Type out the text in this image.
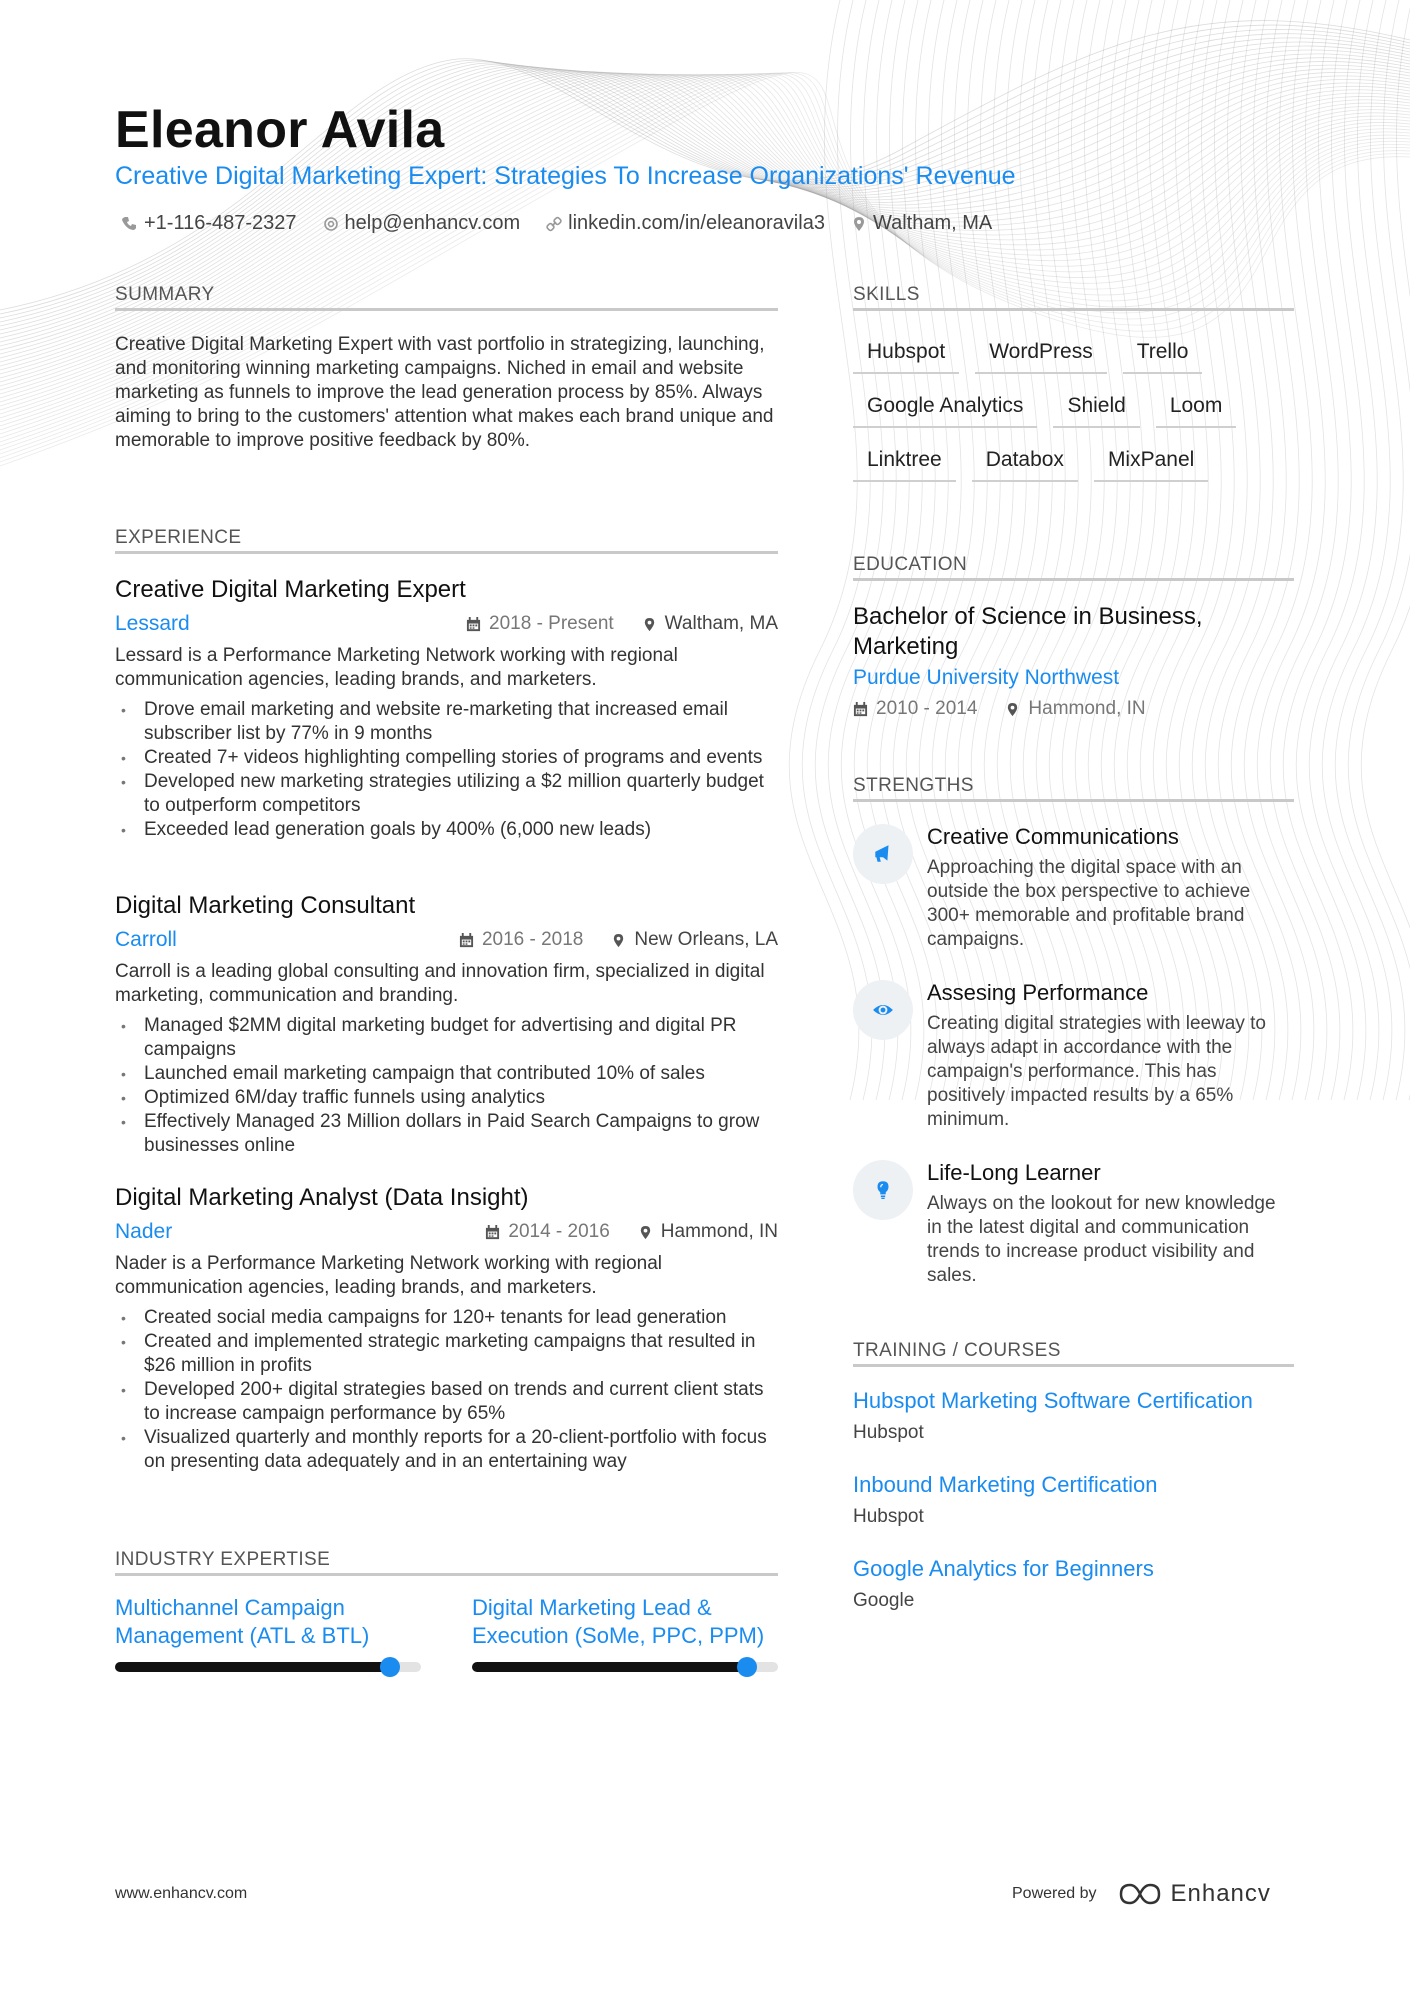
Eleanor Avila
Creative Digital Marketing Expert: Strategies To Increase Organizations' Revenue
+1-116-487-2327 help@enhancv.com linkedin.com/in/eleanoravila3 Waltham, MA
SUMMARY
Creative Digital Marketing Expert with vast portfolio in strategizing, launching, and monitoring winning marketing campaigns. Niched in email and website marketing as funnels to improve the lead generation process by 85%. Always aiming to bring to the customers' attention what makes each brand unique and memorable to improve positive feedback by 80%.
EXPERIENCE
Creative Digital Marketing Expert
Lessard	2018 - Present	Waltham, MA
Lessard is a Performance Marketing Network working with regional communication agencies, leading brands, and marketers.
• Drove email marketing and website re-marketing that increased email subscriber list by 77% in 9 months
• Created 7+ videos highlighting compelling stories of programs and events
• Developed new marketing strategies utilizing a $2 million quarterly budget to outperform competitors
• Exceeded lead generation goals by 400% (6,000 new leads)
Digital Marketing Consultant
Carroll	2016 - 2018	New Orleans, LA
Carroll is a leading global consulting and innovation firm, specialized in digital marketing, communication and branding.
• Managed $2MM digital marketing budget for advertising and digital PR campaigns
• Launched email marketing campaign that contributed 10% of sales
• Optimized 6M/day traffic funnels using analytics
• Effectively Managed 23 Million dollars in Paid Search Campaigns to grow businesses online
Digital Marketing Analyst (Data Insight)
Nader	2014 - 2016	Hammond, IN
Nader is a Performance Marketing Network working with regional communication agencies, leading brands, and marketers.
• Created social media campaigns for 120+ tenants for lead generation
• Created and implemented strategic marketing campaigns that resulted in $26 million in profits
• Developed 200+ digital strategies based on trends and current client stats to increase campaign performance by 65%
• Visualized quarterly and monthly reports for a 20-client-portfolio with focus on presenting data adequately and in an entertaining way
INDUSTRY EXPERTISE
Multichannel Campaign Management (ATL & BTL)
Digital Marketing Lead & Execution (SoMe, PPC, PPM)
SKILLS
Hubspot	WordPress	Trello
Google Analytics	Shield	Loom
Linktree	Databox	MixPanel
EDUCATION
Bachelor of Science in Business, Marketing
Purdue University Northwest
2010 - 2014	Hammond, IN
STRENGTHS
Creative Communications
Approaching the digital space with an outside the box perspective to achieve 300+ memorable and profitable brand campaigns.
Assesing Performance
Creating digital strategies with leeway to always adapt in accordance with the campaign's performance. This has positively impacted results by a 65% minimum.
Life-Long Learner
Always on the lookout for new knowledge in the latest digital and communication trends to increase product visibility and sales.
TRAINING / COURSES
Hubspot Marketing Software Certification
Hubspot
Inbound Marketing Certification
Hubspot
Google Analytics for Beginners
Google
www.enhancv.com	Powered by	Enhancv
